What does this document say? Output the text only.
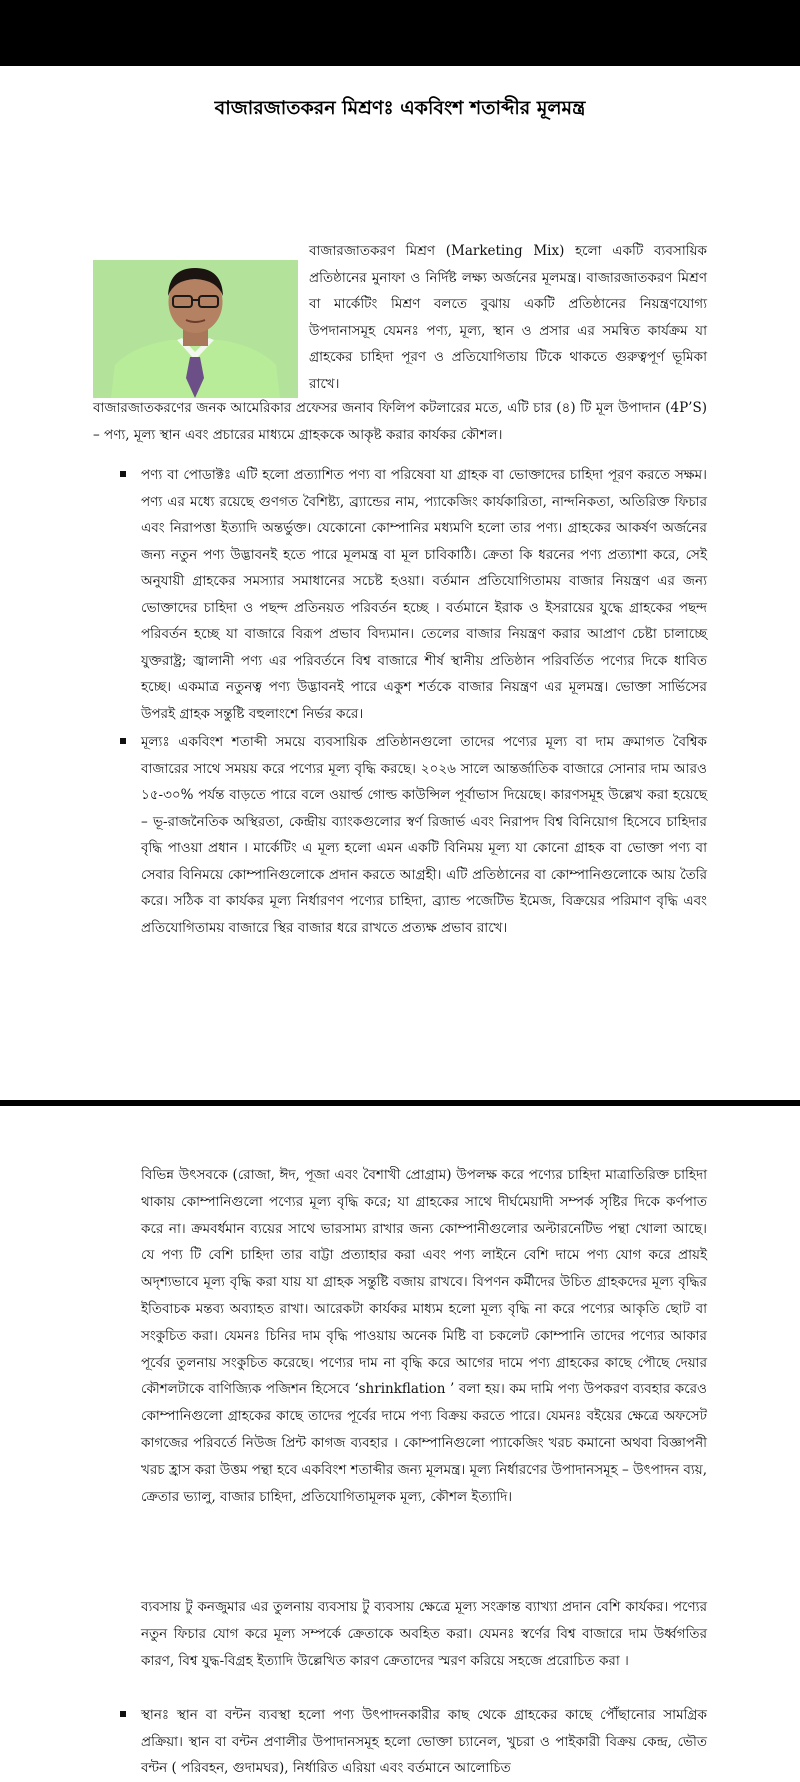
বাজারজাতকরন মিশ্রণঃ একবিংশ শতাব্দীর মূলমন্ত্র

বাজারজাতকরণ মিশ্রণ (Marketing Mix) হলো একটি ব্যবসায়িক প্রতিষ্ঠানের মুনাফা ও নির্দিষ্ট লক্ষ্য অর্জনের মূলমন্ত্র। বাজারজাতকরণ মিশ্রণ বা মার্কেটিং মিশ্রণ বলতে বুঝায় একটি প্রতিষ্ঠানের নিয়ন্ত্রণযোগ্য উপদানাসমূহ যেমনঃ পণ্য, মূল্য, স্থান ও প্রসার এর সমন্বিত কার্যক্রম যা গ্রাহকের চাহিদা পূরণ ও প্রতিযোগিতায় টিকে থাকতে গুরুত্বপূর্ণ ভূমিকা রাখে।

বাজারজাতকরণের জনক আমেরিকার প্রফেসর জনাব ফিলিপ কটলারের মতে, এটি চার (৪) টি মূল উপাদান (4P’S) – পণ্য, মূল্য স্থান এবং প্রচারের মাধ্যমে গ্রাহককে আকৃষ্ট করার কার্যকর কৌশল।

পণ্য বা পোডাক্টঃ এটি হলো প্রত্যাশিত পণ্য বা পরিষেবা যা গ্রাহক বা ভোক্তাদের চাহিদা পূরণ করতে সক্ষম। পণ্য এর মধ্যে রয়েছে গুণগত বৈশিষ্ট্য, ব্র্যান্ডের নাম, প্যাকেজিং কার্যকারিতা, নান্দনিকতা, অতিরিক্ত ফিচার এবং নিরাপত্তা ইত্যাদি অন্তর্ভুক্ত। যেকোনো কোম্পানির মধ্যমণি হলো তার পণ্য। গ্রাহকের আকর্ষণ অর্জনের জন্য নতুন পণ্য উদ্ভাবনই হতে পারে মূলমন্ত্র বা মূল চাবিকাঠি। ক্রেতা কি ধরনের পণ্য প্রত্যাশা করে, সেই অনুযায়ী গ্রাহকের সমস্যার সমাধানের সচেষ্ট হওয়া। বর্তমান প্রতিযোগিতাময় বাজার নিয়ন্ত্রণ এর জন্য ভোক্তাদের চাহিদা ও পছন্দ প্রতিনয়ত পরিবর্তন হচ্ছে । বর্তমানে ইরাক ও ইসরায়ের যুদ্ধে গ্রাহকের পছন্দ পরিবর্তন হচ্ছে যা বাজারে বিরূপ প্রভাব বিদ্যমান। তেলের বাজার নিয়ন্ত্রণ করার আপ্রাণ চেষ্টা চালাচ্ছে যুক্তরাষ্ট্র; জ্বালানী পণ্য এর পরিবর্তনে বিশ্ব বাজারে শীর্ষ স্থানীয় প্রতিষ্ঠান পরিবর্তিত পণ্যের দিকে ধাবিত হচ্ছে। একমাত্র নতুনত্ব পণ্য উদ্ভাবনই পারে একুশ শর্তকে বাজার নিয়ন্ত্রণ এর মূলমন্ত্র। ভোক্তা সার্ভিসের উপরই গ্রাহক সন্তুষ্টি বহুলাংশে নির্ভর করে।
মূল্যঃ একবিংশ শতাব্দী সময়ে ব্যবসায়িক প্রতিষ্ঠানগুলো তাদের পণ্যের মূল্য বা দাম ক্রমাগত বৈশ্বিক বাজারের সাথে সময়য় করে পণ্যের মূল্য বৃদ্ধি করছে। ২০২৬ সালে আন্তর্জাতিক বাজারে সোনার দাম আরও ১৫-৩০% পর্যন্ত বাড়তে পারে বলে ওয়ার্ল্ড গোল্ড কাউন্সিল পূর্বাভাস দিয়েছে। কারণসমূহ উল্লেখ করা হয়েছে – ভূ-রাজনৈতিক অস্থিরতা, কেন্দ্রীয় ব্যাংকগুলোর স্বর্ণ রিজার্ভ এবং নিরাপদ বিশ্ব বিনিয়োগ হিসেবে চাহিদার বৃদ্ধি পাওয়া প্রধান । মার্কেটিং এ মূল্য হলো এমন একটি বিনিময় মূল্য যা কোনো গ্রাহক বা ভোক্তা পণ্য বা সেবার বিনিময়ে কোম্পানিগুলোকে প্রদান করতে আগ্রহী। এটি প্রতিষ্ঠানের বা কোম্পানিগুলোকে আয় তৈরি করে। সঠিক বা কার্যকর মূল্য নির্ধারণণ পণ্যের চাহিদা, ব্র্যান্ড পজেটিভ ইমেজ, বিক্রয়ের পরিমাণ বৃদ্ধি এবং প্রতিযোগিতাময় বাজারে স্থির বাজার ধরে রাখতে প্রত্যক্ষ প্রভাব রাখে।

বিভিন্ন উৎসবকে (রোজা, ঈদ, পূজা এবং বৈশাখী প্রোগ্রাম) উপলক্ষ করে পণ্যের চাহিদা মাত্রাতিরিক্ত চাহিদা থাকায় কোম্পানিগুলো পণ্যের মূল্য বৃদ্ধি করে; যা গ্রাহকের সাথে দীর্ঘমেয়াদী সম্পর্ক সৃষ্টির দিকে কর্ণপাত করে না। ক্রমবর্ধমান ব্যয়ের সাথে ভারসাম্য রাখার জন্য কোম্পানীগুলোর অল্টারনেটিভ পন্থা খোলা আছে। যে পণ্য টি বেশি চাহিদা তার বাট্টা প্রত্যাহার করা এবং পণ্য লাইনে বেশি দামে পণ্য যোগ করে প্রায়ই অদৃশ্যভাবে মূল্য বৃদ্ধি করা যায় যা গ্রাহক সন্তুষ্টি বজায় রাখবে। বিপণন কর্মীদের উচিত গ্রাহকদের মূল্য বৃদ্ধির ইতিবাচক মন্তব্য অব্যাহত রাখা। আরেকটা কার্যকর মাধ্যম হলো মূল্য বৃদ্ধি না করে পণ্যের আকৃতি ছোট বা সংকুচিত করা। যেমনঃ চিনির দাম বৃদ্ধি পাওয়ায় অনেক মিষ্টি বা চকলেট কোম্পানি তাদের পণ্যের আকার পূর্বের তুলনায় সংকুচিত করেছে। পণ্যের দাম না বৃদ্ধি করে আগের দামে পণ্য গ্রাহকের কাছে পৌছে দেয়ার কৌশলটাকে বাণিজ্যিক পজিশন হিসেবে ‘shrinkflation ’ বলা হয়। কম দামি পণ্য উপকরণ ব্যবহার করেও কোম্পানিগুলো গ্রাহকের কাছে তাদের পূর্বের দামে পণ্য বিক্রয় করতে পারে। যেমনঃ বইয়ের ক্ষেত্রে অফসেট কাগজের পরিবর্তে নিউজ প্রিন্ট কাগজ ব্যবহার । কোম্পানিগুলো প্যাকেজিং খরচ কমানো অথবা বিজ্ঞাপনী খরচ হ্রাস করা উত্তম পন্থা হবে একবিংশ শতাব্দীর জন্য মূলমন্ত্র। মূল্য নির্ধারণের উপাদানসমূহ – উৎপাদন ব্যয়, ক্রেতার ভ্যালু, বাজার চাহিদা, প্রতিযোগিতামূলক মূল্য, কৌশল ইত্যাদি।

ব্যবসায় টু কনজুমার এর তুলনায় ব্যবসায় টু ব্যবসায় ক্ষেত্রে মূল্য সংক্রান্ত ব্যাখ্যা প্রদান বেশি কার্যকর। পণ্যের নতুন ফিচার যোগ করে মূল্য সম্পর্কে ক্রেতাকে অবহিত করা। যেমনঃ স্বর্ণের বিশ্ব বাজারে দাম উর্ধ্বগতির কারণ, বিশ্ব যুদ্ধ-বিগ্রহ ইত্যাদি উল্লেখিত কারণ ক্রেতাদের স্মরণ করিয়ে সহজে প্ররোচিত করা ।

স্থানঃ স্থান বা বন্টন ব্যবস্থা হলো পণ্য উৎপাদনকারীর কাছ থেকে গ্রাহকের কাছে পৌঁছানোর সামগ্রিক প্রক্রিয়া। স্থান বা বন্টন প্রণালীর উপাদানসমূহ হলো ভোক্তা চ্যানেল, খুচরা ও পাইকারী বিক্রয় কেন্দ্র, ভৌত বন্টন ( পরিবহন, গুদামঘর), নির্ধারিত এরিয়া এবং বর্তমানে আলোচিত
